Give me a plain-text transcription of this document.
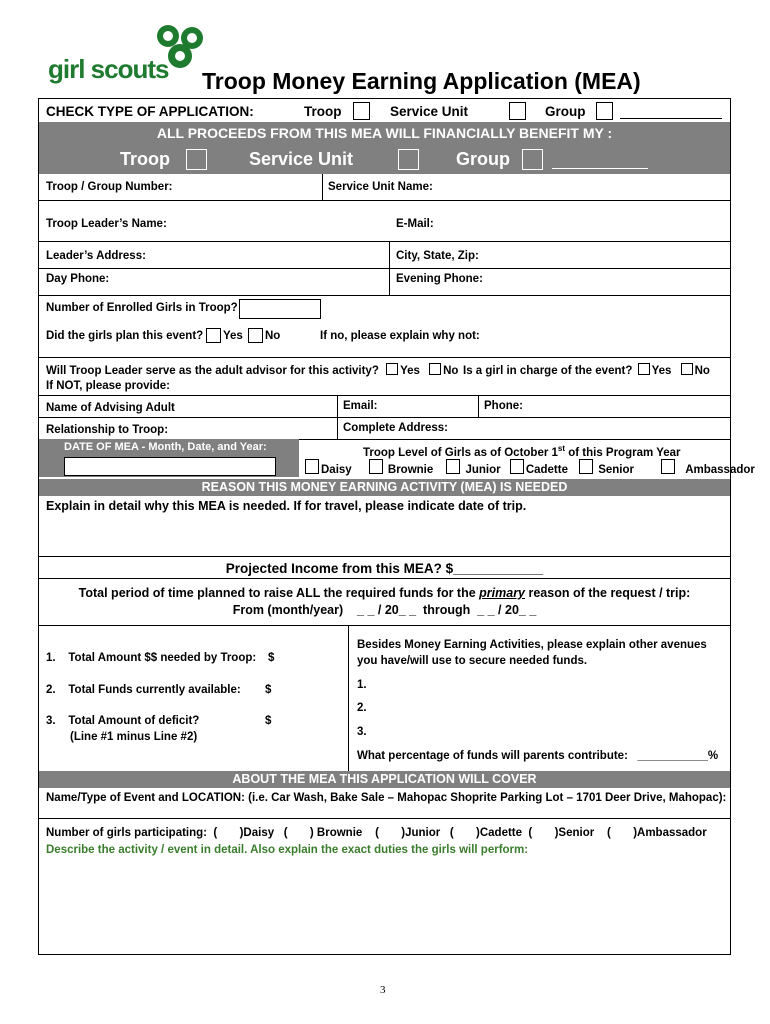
girl scouts Troop Money Earning Application (MEA)
CHECK TYPE OF APPLICATION:	Troop	Service Unit	Group
ALL PROCEEDS FROM THIS MEA WILL FINANCIALLY BENEFIT MY :
Troop	Service Unit	Group
Troop / Group Number:	Service Unit Name:
Troop Leader’s Name:	E-Mail:
Leader’s Address:	City, State, Zip:
Day Phone:	Evening Phone:
Number of Enrolled Girls in Troop?
Did the girls plan this event? Yes No	If no, please explain why not:
Will Troop Leader serve as the adult advisor for this activity? Yes No Is a girl in charge of the event? Yes No
If NOT, please provide:
Name of Advising Adult	Email:	Phone:
Relationship to Troop:	Complete Address:
DATE OF MEA - Month, Date, and Year:	Troop Level of Girls as of October 1st of this Program Year
Daisy	Brownie	Junior Cadette	Senior	Ambassador
REASON THIS MONEY EARNING ACTIVITY (MEA) IS NEEDED
Explain in detail why this MEA is needed. If for travel, please indicate date of trip.
Projected Income from this MEA? $____________
Total period of time planned to raise ALL the required funds for the primary reason of the request / trip:
From (month/year)    _ _ / 20_ _  through  _ _ / 20_ _
1.    Total Amount $$ needed by Troop: $
2.    Total Funds currently available: $
3.    Total Amount of deficit?	$
(Line #1 minus Line #2)
Besides Money Earning Activities, please explain other avenues you have/will use to secure needed funds.
1.
2.
3.
What percentage of funds will parents contribute:   ___________%
ABOUT THE MEA THIS APPLICATION WILL COVER
Name/Type of Event and LOCATION: (i.e. Car Wash, Bake Sale – Mahopac Shoprite Parking Lot – 1701 Deer Drive, Mahopac):
Number of girls participating:  (       )Daisy   (       ) Brownie    (       )Junior   (       )Cadette  (       )Senior    (       )Ambassador
Describe the activity / event in detail. Also explain the exact duties the girls will perform:
3
